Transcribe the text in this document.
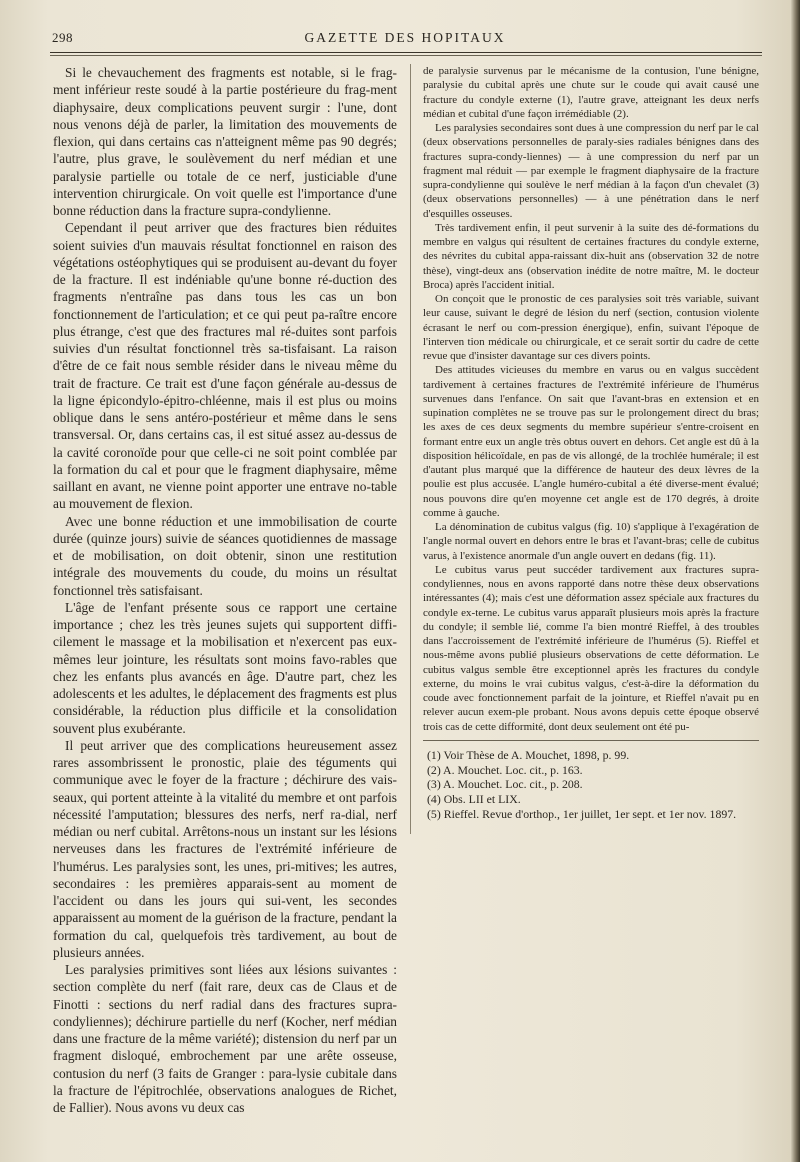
298	GAZETTE DES HOPITAUX

Si le chevauchement des fragments est notable, si le frag-ment inférieur reste soudé à la partie postérieure du frag-ment diaphysaire, deux complications peuvent surgir : l'une, dont nous venons déjà de parler, la limitation des mouvements de flexion, qui dans certains cas n'atteignent même pas 90 degrés; l'autre, plus grave, le soulèvement du nerf médian et une paralysie partielle ou totale de ce nerf, justiciable d'une intervention chirurgicale. On voit quelle est l'importance d'une bonne réduction dans la fracture supra-condylienne.

Cependant il peut arriver que des fractures bien réduites soient suivies d'un mauvais résultat fonctionnel en raison des végétations ostéophytiques qui se produisent au-devant du foyer de la fracture. Il est indéniable qu'une bonne ré-duction des fragments n'entraîne pas dans tous les cas un bon fonctionnement de l'articulation; et ce qui peut pa-raître encore plus étrange, c'est que des fractures mal ré-duites sont parfois suivies d'un résultat fonctionnel très sa-tisfaisant. La raison d'être de ce fait nous semble résider dans le niveau même du trait de fracture. Ce trait est d'une façon générale au-dessus de la ligne épicondylo-épitro-chléenne, mais il est plus ou moins oblique dans le sens antéro-postérieur et même dans le sens transversal. Or, dans certains cas, il est situé assez au-dessus de la cavité coronoïde pour que celle-ci ne soit point comblée par la formation du cal et pour que le fragment diaphysaire, même saillant en avant, ne vienne point apporter une entrave no-table au mouvement de flexion.

Avec une bonne réduction et une immobilisation de courte durée (quinze jours) suivie de séances quotidiennes de massage et de mobilisation, on doit obtenir, sinon une restitution intégrale des mouvements du coude, du moins un résultat fonctionnel très satisfaisant.

L'âge de l'enfant présente sous ce rapport une certaine importance ; chez les très jeunes sujets qui supportent diffi-cilement le massage et la mobilisation et n'exercent pas eux-mêmes leur jointure, les résultats sont moins favo-rables que chez les enfants plus avancés en âge. D'autre part, chez les adolescents et les adultes, le déplacement des fragments est plus considérable, la réduction plus difficile et la consolidation souvent plus exubérante.

Il peut arriver que des complications heureusement assez rares assombrissent le pronostic, plaie des téguments qui communique avec le foyer de la fracture ; déchirure des vais-seaux, qui portent atteinte à la vitalité du membre et ont parfois nécessité l'amputation; blessures des nerfs, nerf ra-dial, nerf médian ou nerf cubital. Arrêtons-nous un instant sur les lésions nerveuses dans les fractures de l'extrémité inférieure de l'humérus. Les paralysies sont, les unes, pri-mitives; les autres, secondaires : les premières apparais-sent au moment de l'accident ou dans les jours qui sui-vent, les secondes apparaissent au moment de la guérison de la fracture, pendant la formation du cal, quelquefois très tardivement, au bout de plusieurs années.

Les paralysies primitives sont liées aux lésions suivantes : section complète du nerf (fait rare, deux cas de Claus et de Finotti : sections du nerf radial dans des fractures supra-condyliennes); déchirure partielle du nerf (Kocher, nerf médian dans une fracture de la même variété); distension du nerf par un fragment disloqué, embrochement par une arête osseuse, contusion du nerf (3 faits de Granger : para-lysie cubitale dans la fracture de l'épitrochlée, observations analogues de Richet, de Fallier). Nous avons vu deux cas

de paralysie survenus par le mécanisme de la contusion, l'une bénigne, paralysie du cubital après une chute sur le coude qui avait causé une fracture du condyle externe (1), l'autre grave, atteignant les deux nerfs médian et cubital d'une façon irrémédiable (2).

Les paralysies secondaires sont dues à une compression du nerf par le cal (deux observations personnelles de paraly-sies radiales bénignes dans des fractures supra-condy-liennes) — à une compression du nerf par un fragment mal réduit — par exemple le fragment diaphysaire de la fracture supra-condylienne qui soulève le nerf médian à la façon d'un chevalet (3) (deux observations personnelles) — à une pénétration dans le nerf d'esquilles osseuses.

Très tardivement enfin, il peut survenir à la suite des dé-formations du membre en valgus qui résultent de certaines fractures du condyle externe, des névrites du cubital appa-raissant dix-huit ans (observation 32 de notre thèse), vingt-deux ans (observation inédite de notre maître, M. le docteur Broca) après l'accident initial.

On conçoit que le pronostic de ces paralysies soit très variable, suivant leur cause, suivant le degré de lésion du nerf (section, contusion violente écrasant le nerf ou com-pression énergique), enfin, suivant l'époque de l'interven tion médicale ou chirurgicale, et ce serait sortir du cadre de cette revue que d'insister davantage sur ces divers points.

Des attitudes vicieuses du membre en varus ou en valgus succèdent tardivement à certaines fractures de l'extrémité inférieure de l'humérus survenues dans l'enfance. On sait que l'avant-bras en extension et en supination complètes ne se trouve pas sur le prolongement direct du bras; les axes de ces deux segments du membre supérieur s'entre-croisent en formant entre eux un angle très obtus ouvert en dehors. Cet angle est dû à la disposition hélicoïdale, en pas de vis allongé, de la trochlée humérale; il est d'autant plus marqué que la différence de hauteur des deux lèvres de la poulie est plus accusée. L'angle huméro-cubital a été diverse-ment évalué; nous pouvons dire qu'en moyenne cet angle est de 170 degrés, à droite comme à gauche.

La dénomination de cubitus valgus (fig. 10) s'applique à l'exagération de l'angle normal ouvert en dehors entre le bras et l'avant-bras; celle de cubitus varus, à l'existence anormale d'un angle ouvert en dedans (fig. 11).

Le cubitus varus peut succéder tardivement aux fractures supra-condyliennes, nous en avons rapporté dans notre thèse deux observations intéressantes (4); mais c'est une déformation assez spéciale aux fractures du condyle ex-terne. Le cubitus varus apparaît plusieurs mois après la fracture du condyle; il semble lié, comme l'a bien montré Rieffel, à des troubles dans l'accroissement de l'extrémité inférieure de l'humérus (5). Rieffel et nous-même avons publié plusieurs observations de cette déformation. Le cubitus valgus semble être exceptionnel après les fractures du condyle externe, du moins le vrai cubitus valgus, c'est-à-dire la déformation du coude avec fonctionnement parfait de la jointure, et Rieffel n'avait pu en relever aucun exem-ple probant. Nous avons depuis cette époque observé trois cas de cette difformité, dont deux seulement ont été pu-

(1) Voir Thèse de A. Mouchet, 1898, p. 99.
(2) A. Mouchet. Loc. cit., p. 163.
(3) A. Mouchet. Loc. cit., p. 208.
(4) Obs. LII et LIX.
(5) Rieffel. Revue d'orthop., 1er juillet, 1er sept. et 1er nov. 1897.
